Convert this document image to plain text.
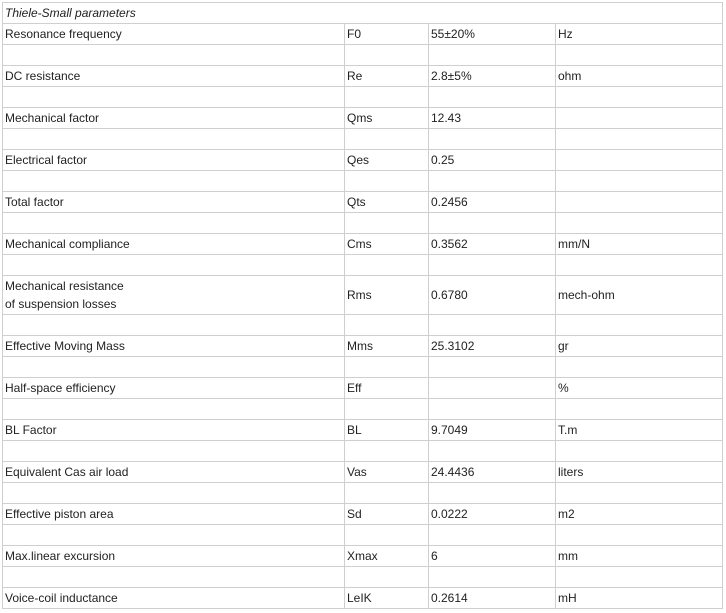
Thiele-Small parameters			
Resonance frequency	F0	55±20%	Hz

DC resistance	Re	2.8±5%	ohm

Mechanical factor	Qms	12.43	

Electrical factor	Qes	0.25	

Total factor	Qts	0.2456	

Mechanical compliance	Cms	0.3562	mm/N

Mechanical resistance
of suspension losses	Rms	0.6780	mech-ohm

Effective Moving Mass	Mms	25.3102	gr

Half-space efficiency	Eff		%

BL Factor	BL	9.7049	T.m

Equivalent Cas air load	Vas	24.4436	liters

Effective piston area	Sd	0.0222	m2

Max.linear excursion	Xmax	6	mm

Voice-coil inductance	LeIK	0.2614	mH
